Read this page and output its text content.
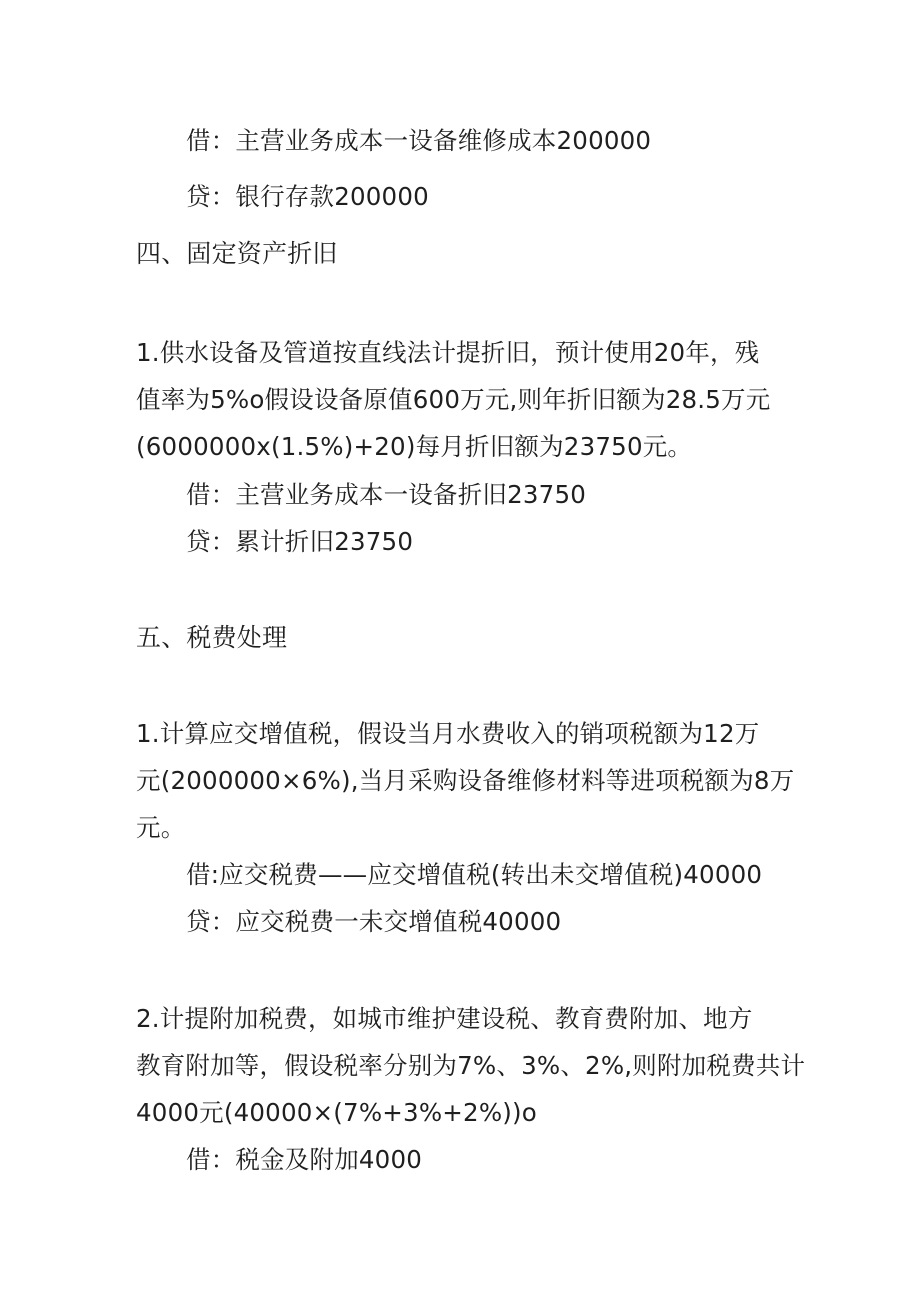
借：主营业务成本一设备维修成本200000
贷：银行存款200000
四、固定资产折旧
1.供水设备及管道按直线法计提折旧，预计使用20年，残
值率为5%o假设设备原值600万元,则年折旧额为28.5万元
(6000000x(1.5%)+20)每月折旧额为23750元。
借：主营业务成本一设备折旧23750
贷：累计折旧23750
五、税费处理
1.计算应交增值税，假设当月水费收入的销项税额为12万
元(2000000×6%),当月采购设备维修材料等进项税额为8万
元。
借:应交税费——应交增值税(转出未交增值税)40000
贷：应交税费一未交增值税40000
2.计提附加税费，如城市维护建设税、教育费附加、地方
教育附加等，假设税率分别为7%、3%、2%,则附加税费共计
4000元(40000×(7%+3%+2%))o
借：税金及附加4000
